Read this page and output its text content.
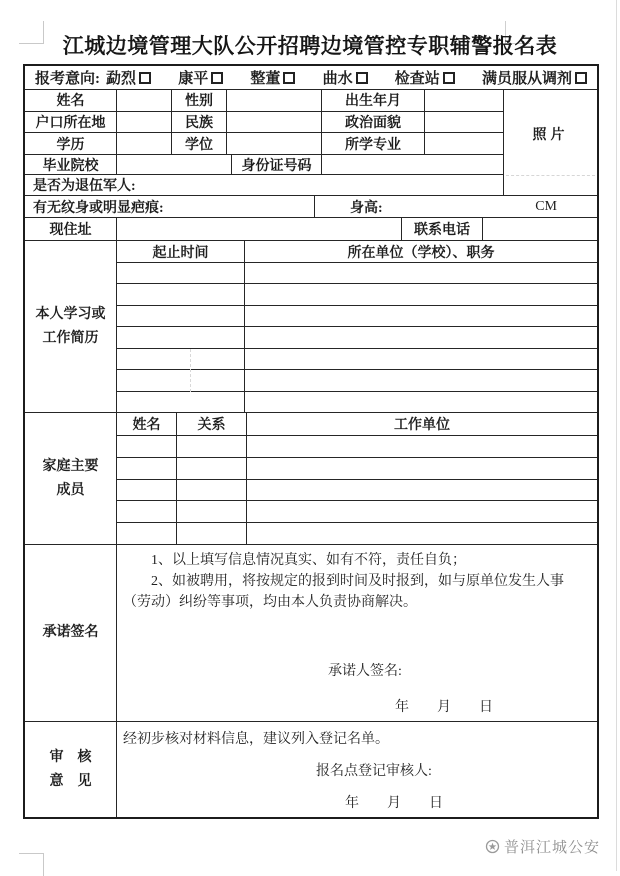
江城边境管理大队公开招聘边境管控专职辅警报名表
报考意向: 勐烈	康平	整董	曲水	检查站	满员服从调剂
姓名	性别	出生年月
户口所在地	民族	政治面貌
学历	学位	所学专业
毕业院校	身份证号码
是否为退伍军人:
照片
有无纹身或明显疤痕:	身高:	CM
现住址	联系电话
本人学习或
工作简历
起止时间	所在单位（学校）、职务
家庭主要
成员
姓名	关系	工作单位
承诺签名

1、以上填写信息情况真实、如有不符，责任自负；

2、如被聘用，将按规定的报到时间及时报到，如与原单位发生人事（劳动）纠纷等事项，均由本人负责协商解决。

承诺人签名:
年　　月　　日
审　核
意　见

经初步核对材料信息，建议列入登记名单。

报名点登记审核人:
年　　月　　日
普洱江城公安
